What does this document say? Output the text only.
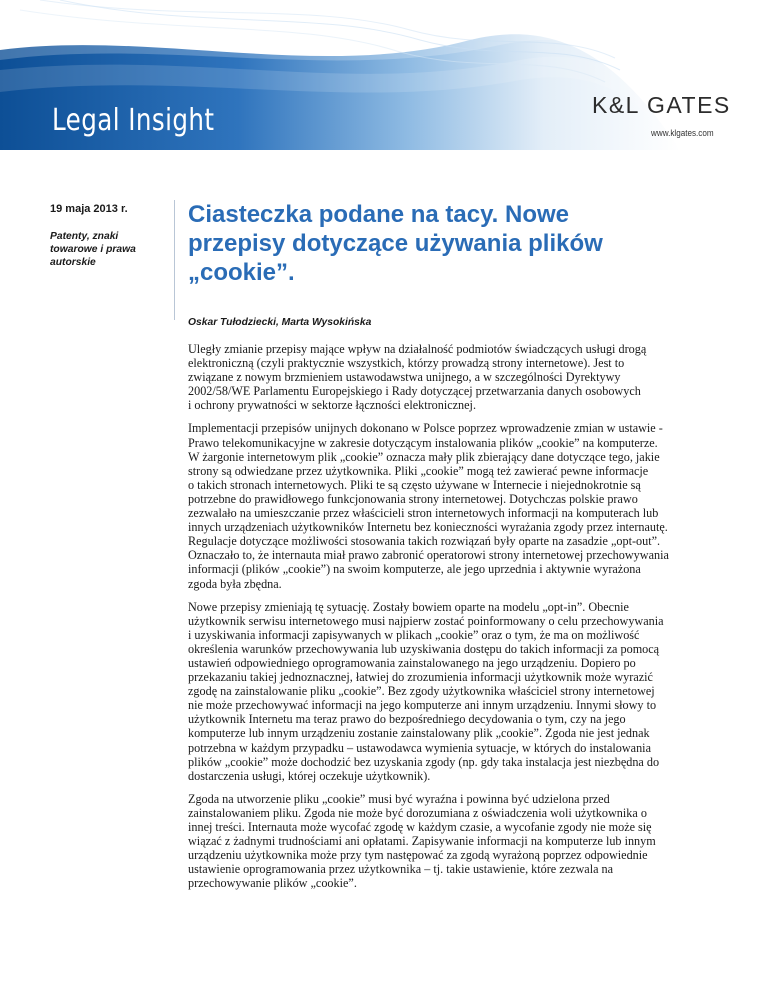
Legal Insight	K&L GATES
www.klgates.com
19 maja 2013 r.
Patenty, znaki
towarowe i prawa
autorskie
Ciasteczka podane na tacy. Nowe
przepisy dotyczące używania plików
„cookie”.
Oskar Tułodziecki, Marta Wysokińska

Uległy zmianie przepisy mające wpływ na działalność podmiotów świadczących usługi drogą
elektroniczną (czyli praktycznie wszystkich, którzy prowadzą strony internetowe). Jest to
związane z nowym brzmieniem ustawodawstwa unijnego, a w szczególności Dyrektywy
2002/58/WE Parlamentu Europejskiego i Rady dotyczącej przetwarzania danych osobowych
i ochrony prywatności w sektorze łączności elektronicznej.

Implementacji przepisów unijnych dokonano w Polsce poprzez wprowadzenie zmian w ustawie -
Prawo telekomunikacyjne w zakresie dotyczącym instalowania plików „cookie” na komputerze.
W żargonie internetowym plik „cookie” oznacza mały plik zbierający dane dotyczące tego, jakie
strony są odwiedzane przez użytkownika. Pliki „cookie” mogą też zawierać pewne informacje
o takich stronach internetowych. Pliki te są często używane w Internecie i niejednokrotnie są
potrzebne do prawidłowego funkcjonowania strony internetowej. Dotychczas polskie prawo
zezwalało na umieszczanie przez właścicieli stron internetowych informacji na komputerach lub
innych urządzeniach użytkowników Internetu bez konieczności wyrażania zgody przez internautę.
Regulacje dotyczące możliwości stosowania takich rozwiązań były oparte na zasadzie „opt-out”.
Oznaczało to, że internauta miał prawo zabronić operatorowi strony internetowej przechowywania
informacji (plików „cookie”) na swoim komputerze, ale jego uprzednia i aktywnie wyrażona
zgoda była zbędna.

Nowe przepisy zmieniają tę sytuację. Zostały bowiem oparte na modelu „opt-in”. Obecnie
użytkownik serwisu internetowego musi najpierw zostać poinformowany o celu przechowywania
i uzyskiwania informacji zapisywanych w plikach „cookie” oraz o tym, że ma on możliwość
określenia warunków przechowywania lub uzyskiwania dostępu do takich informacji za pomocą
ustawień odpowiedniego oprogramowania zainstalowanego na jego urządzeniu. Dopiero po
przekazaniu takiej jednoznacznej, łatwiej do zrozumienia informacji użytkownik może wyrazić
zgodę na zainstalowanie pliku „cookie”. Bez zgody użytkownika właściciel strony internetowej
nie może przechowywać informacji na jego komputerze ani innym urządzeniu. Innymi słowy to
użytkownik Internetu ma teraz prawo do bezpośredniego decydowania o tym, czy na jego
komputerze lub innym urządzeniu zostanie zainstalowany plik „cookie”. Zgoda nie jest jednak
potrzebna w każdym przypadku – ustawodawca wymienia sytuacje, w których do instalowania
plików „cookie” może dochodzić bez uzyskania zgody (np. gdy taka instalacja jest niezbędna do
dostarczenia usługi, której oczekuje użytkownik).

Zgoda na utworzenie pliku „cookie” musi być wyraźna i powinna być udzielona przed
zainstalowaniem pliku. Zgoda nie może być dorozumiana z oświadczenia woli użytkownika o
innej treści. Internauta może wycofać zgodę w każdym czasie, a wycofanie zgody nie może się
wiązać z żadnymi trudnościami ani opłatami. Zapisywanie informacji na komputerze lub innym
urządzeniu użytkownika może przy tym następować za zgodą wyrażoną poprzez odpowiednie
ustawienie oprogramowania przez użytkownika – tj. takie ustawienie, które zezwala na
przechowywanie plików „cookie”.
